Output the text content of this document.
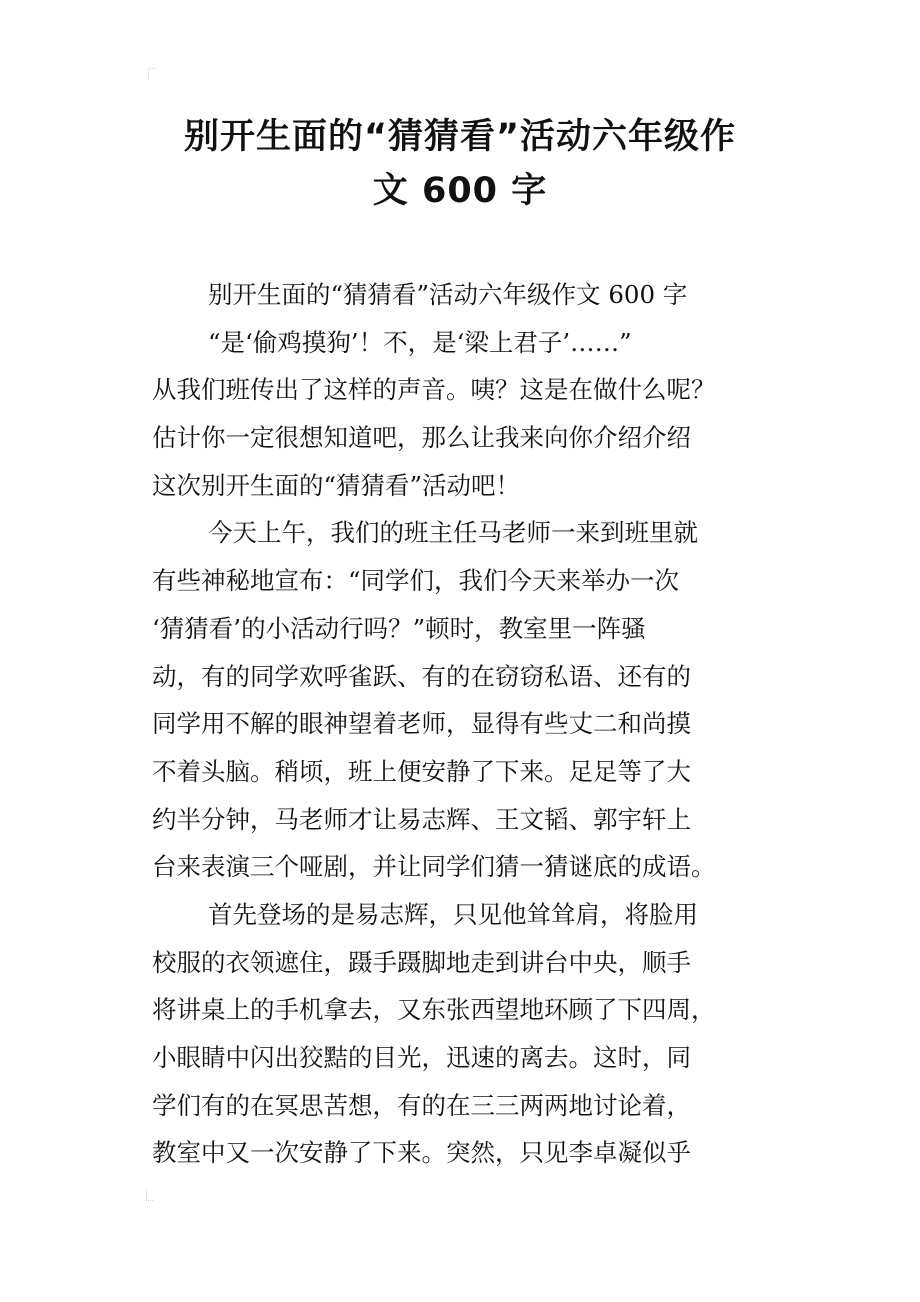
别开生面的“猜猜看”活动六年级作
文 600 字
别开生面的“猜猜看”活动六年级作文 600 字
“是‘偷鸡摸狗’！不，是‘梁上君子’……”
从我们班传出了这样的声音。咦？这是在做什么呢？
估计你一定很想知道吧，那么让我来向你介绍介绍
这次别开生面的“猜猜看”活动吧！
今天上午，我们的班主任马老师一来到班里就
有些神秘地宣布：“同学们，我们今天来举办一次
‘猜猜看’的小活动行吗？”顿时，教室里一阵骚
动，有的同学欢呼雀跃、有的在窃窃私语、还有的
同学用不解的眼神望着老师，显得有些丈二和尚摸
不着头脑。稍顷，班上便安静了下来。足足等了大
约半分钟，马老师才让易志辉、王文韬、郭宇轩上
台来表演三个哑剧，并让同学们猜一猜谜底的成语。
首先登场的是易志辉，只见他耸耸肩，将脸用
校服的衣领遮住，蹑手蹑脚地走到讲台中央，顺手
将讲桌上的手机拿去，又东张西望地环顾了下四周，
小眼睛中闪出狡黠的目光，迅速的离去。这时，同
学们有的在冥思苦想，有的在三三两两地讨论着，
教室中又一次安静了下来。突然，只见李卓凝似乎
